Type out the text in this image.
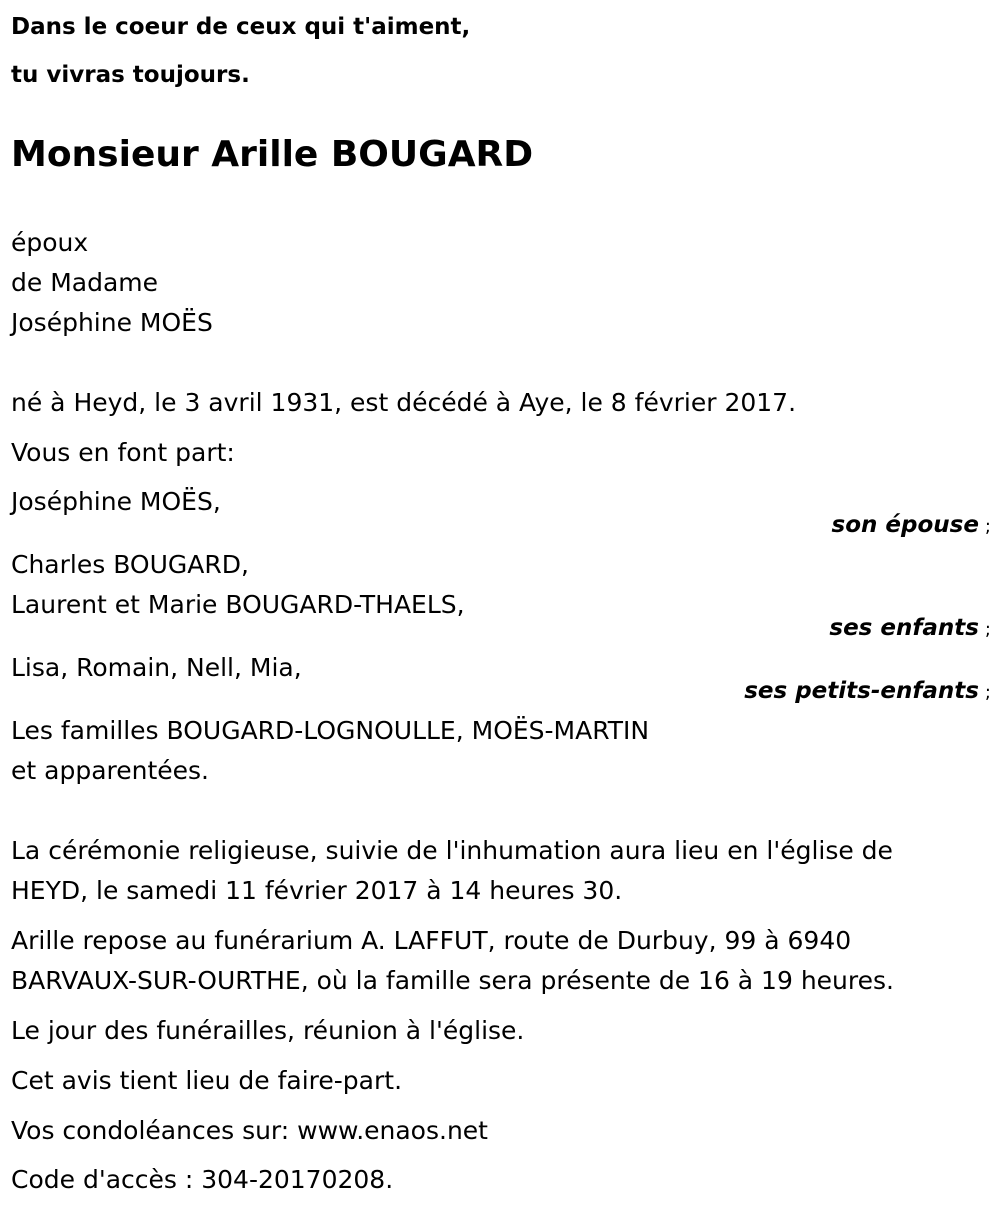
Dans le coeur de ceux qui t'aiment,
tu vivras toujours.
Monsieur Arille BOUGARD
époux
de Madame
Joséphine MOËS
né à Heyd, le 3 avril 1931, est décédé à Aye, le 8 février 2017.
Vous en font part:
Joséphine MOËS,
son épouse ;
Charles BOUGARD,
Laurent et Marie BOUGARD-THAELS,
ses enfants ;
Lisa, Romain, Nell, Mia,
ses petits-enfants ;
Les familles BOUGARD-LOGNOULLE, MOËS-MARTIN
et apparentées.
La cérémonie religieuse, suivie de l'inhumation aura lieu en l'église de
HEYD, le samedi 11 février 2017 à 14 heures 30.
Arille repose au funérarium A. LAFFUT, route de Durbuy, 99 à 6940
BARVAUX-SUR-OURTHE, où la famille sera présente de 16 à 19 heures.
Le jour des funérailles, réunion à l'église.
Cet avis tient lieu de faire-part.
Vos condoléances sur: www.enaos.net
Code d'accès : 304-20170208.
